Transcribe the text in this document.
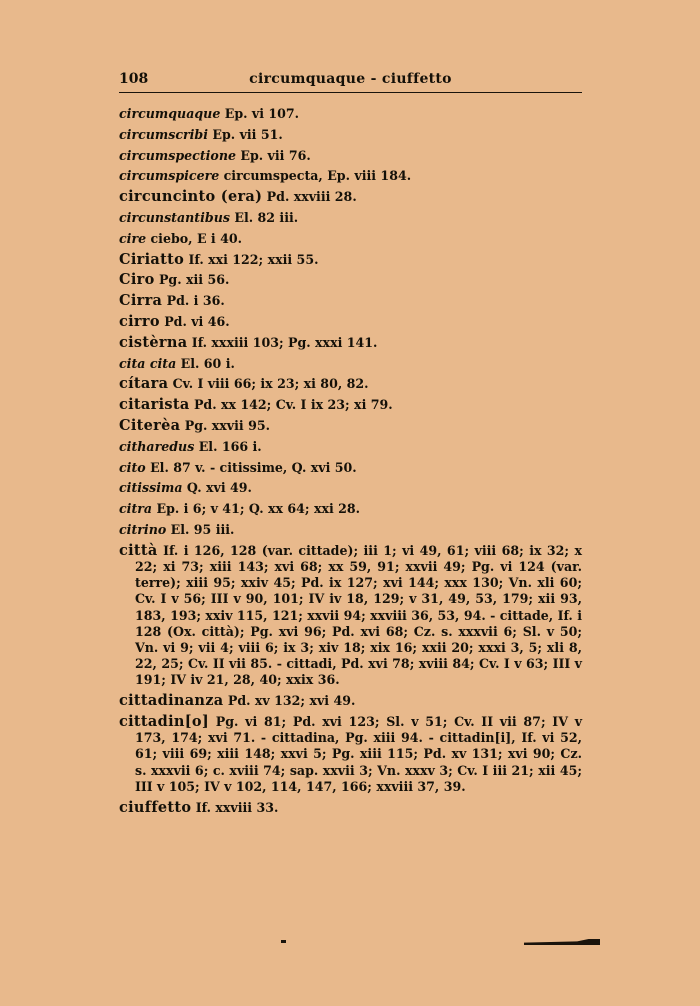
108	circumquaque - ciuffetto
circumquaque Ep. vi 107.
circumscribi Ep. vii 51.
circumspectione Ep. vii 76.
circumspicere circumspecta, Ep. viii 184.
circuncinto (era) Pd. xxviii 28.
circunstantibus El. 82 iii.
cire ciebo, E i 40.
Ciriatto If. xxi 122; xxii 55.
Ciro Pg. xii 56.
Cirra Pd. i 36.
cirro Pd. vi 46.
cistèrna If. xxxiii 103; Pg. xxxi 141.
cita cita El. 60 i.
cítara Cv. I viii 66; ix 23; xi 80, 82.
citarista Pd. xx 142; Cv. I ix 23; xi 79.
Citerèa Pg. xxvii 95.
citharedus El. 166 i.
cito El. 87 v. - citissime, Q. xvi 50.
citissima Q. xvi 49.
citra Ep. i 6; v 41; Q. xx 64; xxi 28.
citrino El. 95 iii.
città If. i 126, 128 (var. cittade); iii 1; vi 49, 61; viii 68; ix 32; x 22; xi 73; xiii 143; xvi 68; xx 59, 91; xxvii 49; Pg. vi 124 (var. terre); xiii 95; xxiv 45; Pd. ix 127; xvi 144; xxx 130; Vn. xli 60; Cv. I v 56; III v 90, 101; IV iv 18, 129; v 31, 49, 53, 179; xii 93, 183, 193; xxiv 115, 121; xxvii 94; xxviii 36, 53, 94. - cittade, If. i 128 (Ox. città); Pg. xvi 96; Pd. xvi 68; Cz. s. xxxvii 6; Sl. v 50; Vn. vi 9; vii 4; viii 6; ix 3; xiv 18; xix 16; xxii 20; xxxi 3, 5; xli 8, 22, 25; Cv. II vii 85. - cittadi, Pd. xvi 78; xviii 84; Cv. I v 63; III v 191; IV iv 21, 28, 40; xxix 36.
cittadinanza Pd. xv 132; xvi 49.
cittadin[o] Pg. vi 81; Pd. xvi 123; Sl. v 51; Cv. II vii 87; IV v 173, 174; xvi 71. - cittadina, Pg. xiii 94. - cittadin[i], If. vi 52, 61; viii 69; xiii 148; xxvi 5; Pg. xiii 115; Pd. xv 131; xvi 90; Cz. s. xxxvii 6; c. xviii 74; sap. xxvii 3; Vn. xxxv 3; Cv. I iii 21; xii 45; III v 105; IV v 102, 114, 147, 166; xxviii 37, 39.
ciuffetto If. xxviii 33.
